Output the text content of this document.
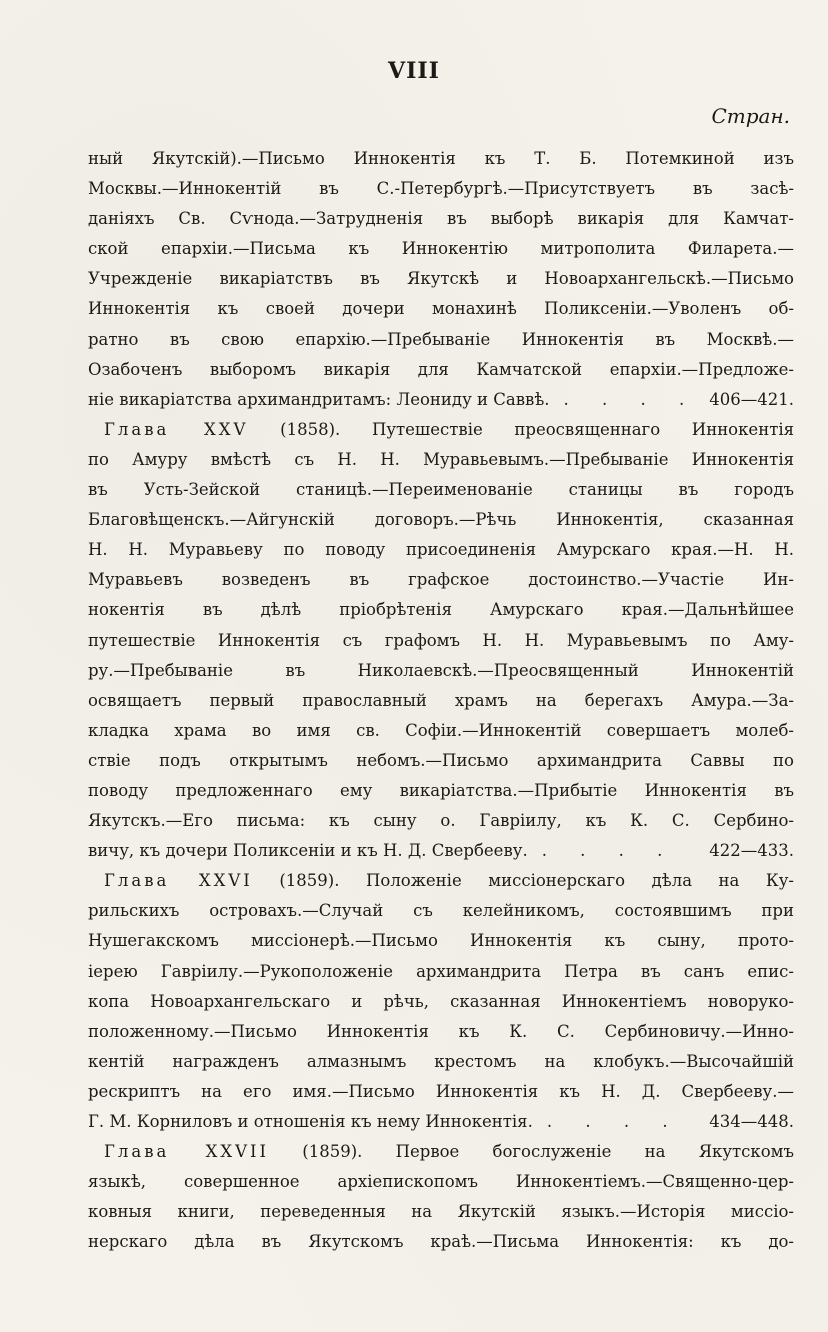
VIII
Стран.
ный Якутскій).—Письмо Иннокентія къ Т. Б. Потемкиной изъ
Москвы.—Иннокентій въ С.-Петербургѣ.—Присутствуетъ въ засѣ-
даніяхъ Св. Сѵнода.—Затрудненія въ выборѣ викарія для Камчат-
ской епархіи.—Письма къ Иннокентію митрополита Филарета.—
Учрежденіе викаріатствъ въ Якутскѣ и Новоархангельскѣ.—Письмо
Иннокентія къ своей дочери монахинѣ Поликсеніи.—Уволенъ об-
ратно въ свою епархію.—Пребываніе Иннокентія въ Москвѣ.—
Озабоченъ выборомъ викарія для Камчатской епархіи.—Предложе-
ніе викаріатства архимандритамъ: Леониду и Саввѣ. . . . . 406—421.
Глава XXV (1858). Путешествіе преосвященнаго Иннокентія
по Амуру вмѣстѣ съ Н. Н. Муравьевымъ.—Пребываніе Иннокентія
въ Усть-Зейской станицѣ.—Переименованіе станицы въ городъ
Благовѣщенскъ.—Айгунскій договоръ.—Рѣчь Иннокентія, сказанная
Н. Н. Муравьеву по поводу присоединенія Амурскаго края.—Н. Н.
Муравьевъ возведенъ въ графское достоинство.—Участіе Ин-
нокентія въ дѣлѣ пріобрѣтенія Амурскаго края.—Дальнѣйшее
путешествіе Иннокентія съ графомъ Н. Н. Муравьевымъ по Аму-
ру.—Пребываніе въ Николаевскѣ.—Преосвященный Иннокентій
освящаетъ первый православный храмъ на берегахъ Амура.—За-
кладка храма во имя св. Софіи.—Иннокентій совершаетъ молеб-
ствіе подъ открытымъ небомъ.—Письмо архимандрита Саввы по
поводу предложеннаго ему викаріатства.—Прибытіе Иннокентія въ
Якутскъ.—Его письма: къ сыну о. Гавріилу, къ К. С. Сербино-
вичу, къ дочери Поликсеніи и къ Н. Д. Свербееву. . . . .	422—433.
Глава XXVI (1859). Положеніе миссіонерскаго дѣла на Ку-
рильскихъ островахъ.—Случай съ келейникомъ, состоявшимъ при
Нушегакскомъ миссіонерѣ.—Письмо Иннокентія къ сыну, прото-
іерею Гавріилу.—Рукоположеніе архимандрита Петра въ санъ епис-
копа Новоархангельскаго и рѣчь, сказанная Иннокентіемъ новоруко-
положенному.—Письмо Иннокентія къ К. С. Сербиновичу.—Инно-
кентій награжденъ алмазнымъ крестомъ на клобукъ.—Высочайшій
рескриптъ на его имя.—Письмо Иннокентія къ Н. Д. Свербееву.—
Г. М. Корниловъ и отношенія къ нему Иннокентія. . . . .	434—448.
Глава XXVII (1859). Первое богослуженіе на Якутскомъ
языкѣ, совершенное архіепископомъ Иннокентіемъ.—Священно-цер-
ковныя книги, переведенныя на Якутскій языкъ.—Исторія миссіо-
нерскаго дѣла въ Якутскомъ краѣ.—Письма Иннокентія: къ до-
